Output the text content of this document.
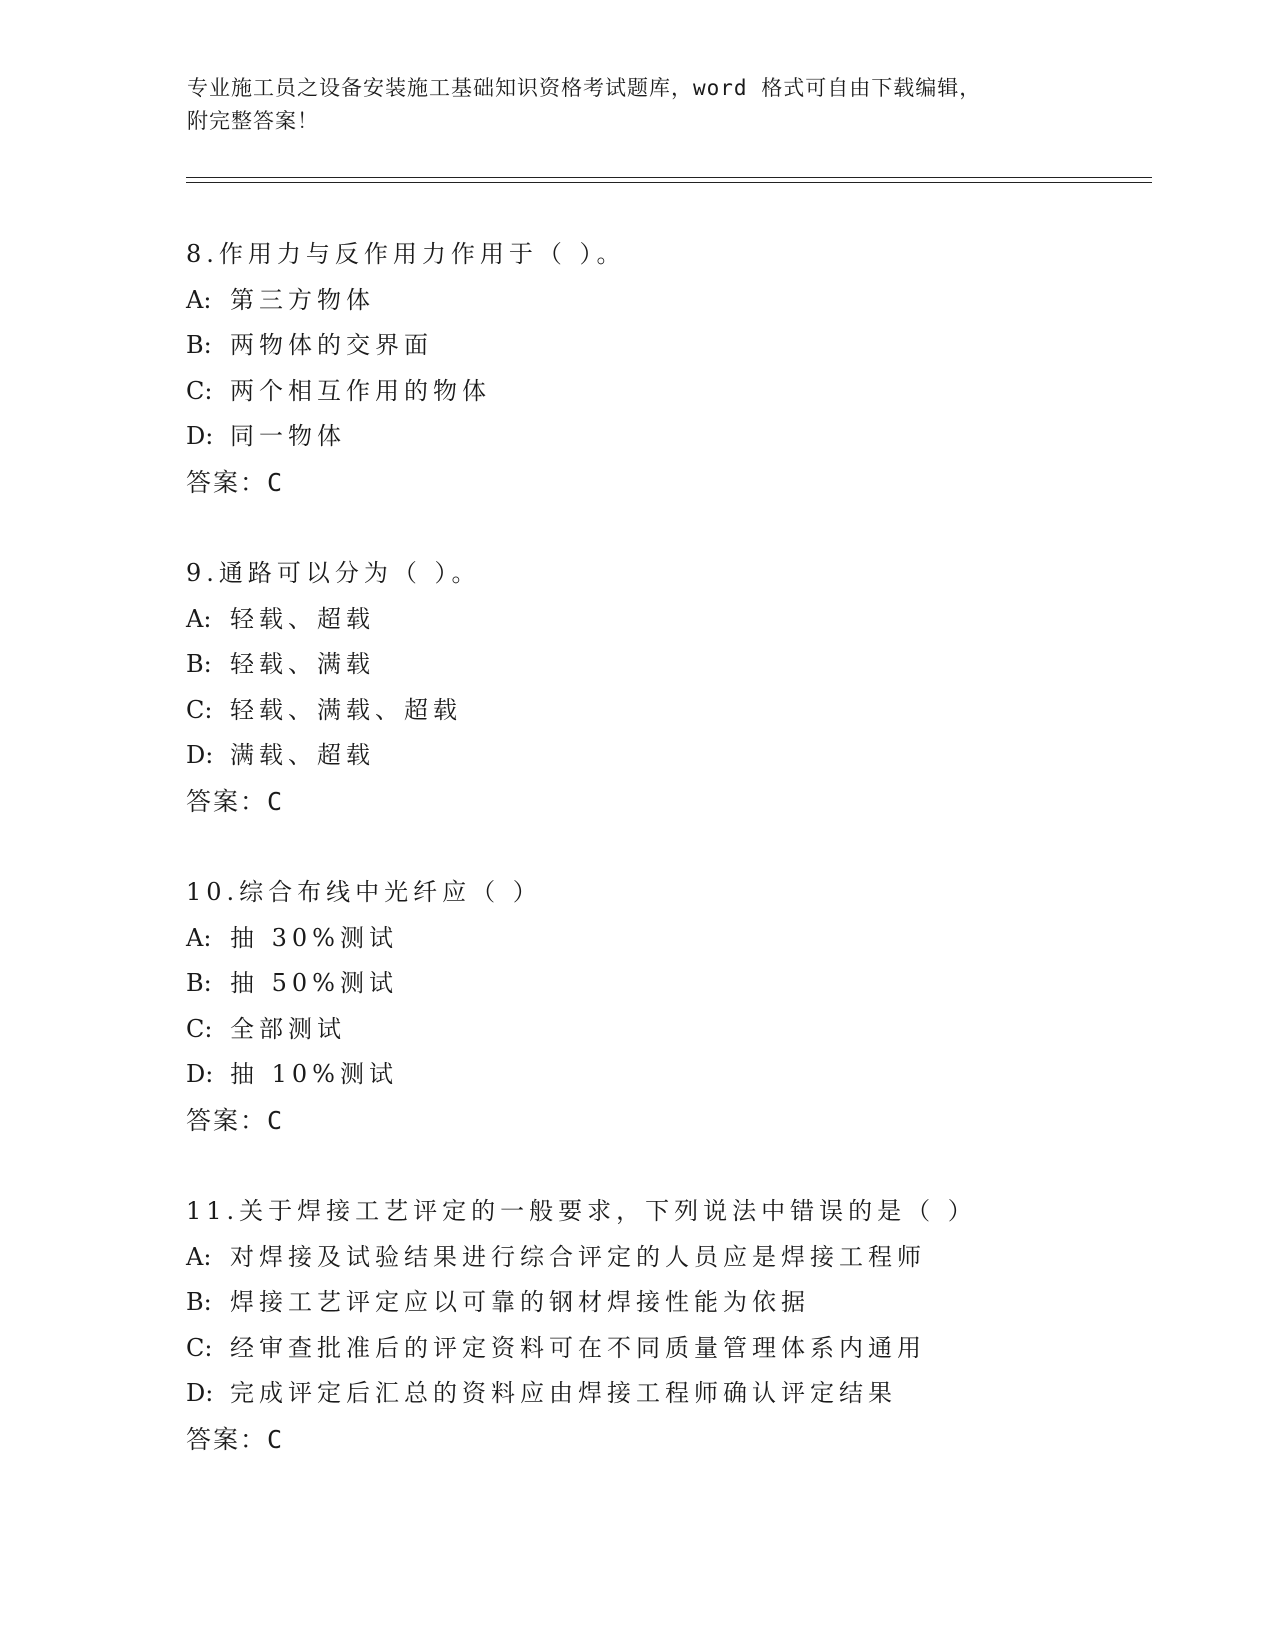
专业施工员之设备安装施工基础知识资格考试题库，word 格式可自由下载编辑，
附完整答案！
8.作用力与反作用力作用于（ ）。
A: 第三方物体
B: 两物体的交界面
C: 两个相互作用的物体
D: 同一物体
答案：C
9.通路可以分为（ ）。
A: 轻载、超载
B: 轻载、满载
C: 轻载、满载、超载
D: 满载、超载
答案：C
10.综合布线中光纤应（ ）
A: 抽 30%测试
B: 抽 50%测试
C: 全部测试
D: 抽 10%测试
答案：C
11.关于焊接工艺评定的一般要求，下列说法中错误的是（ ）
A: 对焊接及试验结果进行综合评定的人员应是焊接工程师
B: 焊接工艺评定应以可靠的钢材焊接性能为依据
C: 经审查批准后的评定资料可在不同质量管理体系内通用
D: 完成评定后汇总的资料应由焊接工程师确认评定结果
答案：C
